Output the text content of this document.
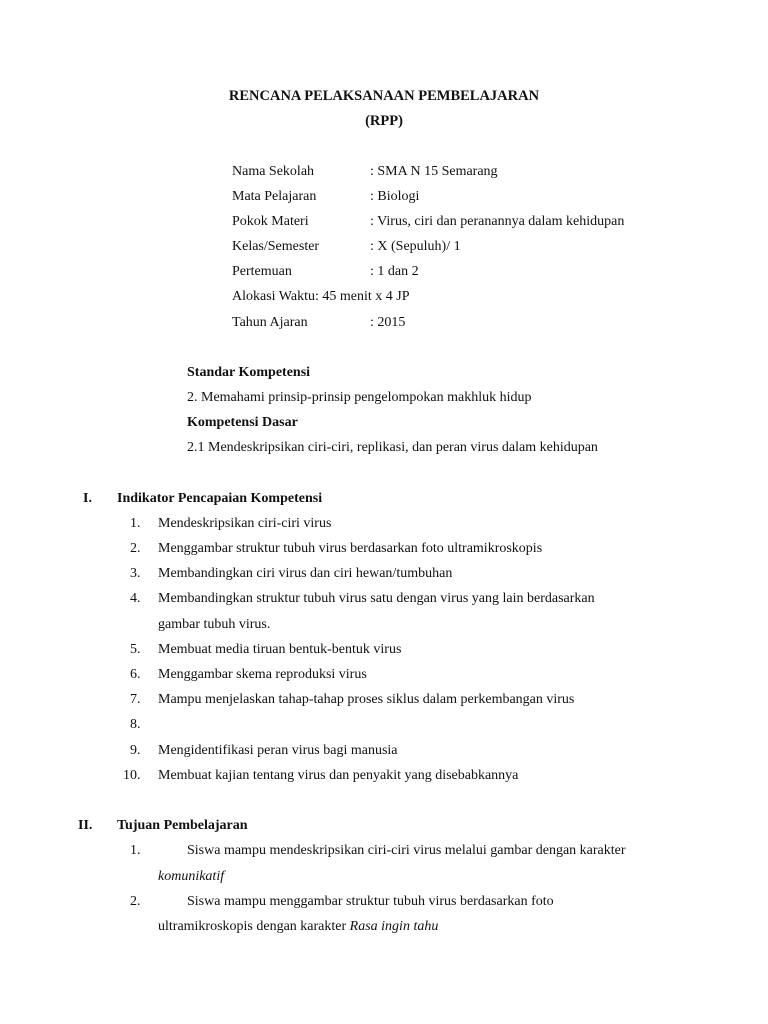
RENCANA PELAKSANAAN PEMBELAJARAN
(RPP)
Nama Sekolah	: SMA N 15 Semarang
Mata Pelajaran	: Biologi
Pokok Materi	: Virus, ciri dan peranannya dalam kehidupan
Kelas/Semester	: X (Sepuluh)/ 1
Pertemuan	: 1 dan 2
Alokasi Waktu: 45 menit x 4 JP
Tahun Ajaran	: 2015
Standar Kompetensi
2. Memahami prinsip-prinsip pengelompokan makhluk hidup
Kompetensi Dasar
2.1 Mendeskripsikan ciri-ciri, replikasi, dan peran virus dalam kehidupan
I. Indikator Pencapaian Kompetensi
1. Mendeskripsikan ciri-ciri virus
2. Menggambar struktur tubuh virus berdasarkan foto ultramikroskopis
3. Membandingkan ciri virus dan ciri hewan/tumbuhan
4. Membandingkan struktur tubuh virus satu dengan virus yang lain berdasarkan
gambar tubuh virus.
5. Membuat media tiruan bentuk-bentuk virus
6. Menggambar skema reproduksi virus
7. Mampu menjelaskan tahap-tahap proses siklus dalam perkembangan virus
8.
9. Mengidentifikasi peran virus bagi manusia
10. Membuat kajian tentang virus dan penyakit yang disebabkannya
II. Tujuan Pembelajaran
1.	Siswa mampu mendeskripsikan ciri-ciri virus melalui gambar dengan karakter
komunikatif
2.	Siswa mampu menggambar struktur tubuh virus berdasarkan foto
ultramikroskopis dengan karakter Rasa ingin tahu
